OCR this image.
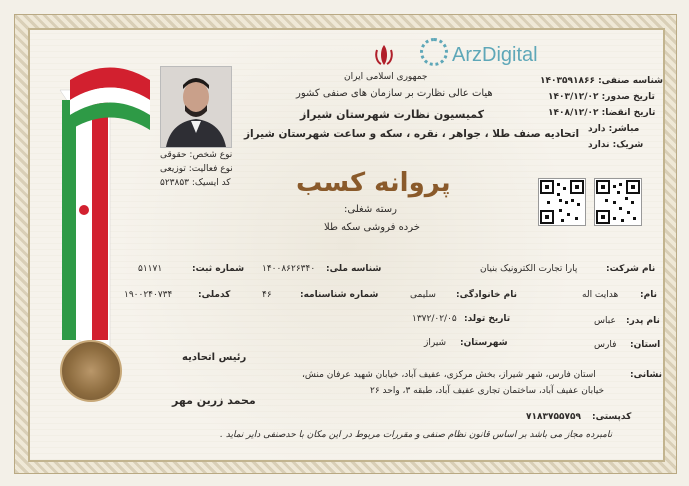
ArzDigital
جمهوری اسلامی ایران
هیات عالی نظارت بر سازمان های صنفی کشور
کمیسیون نظارت شهرستان شیراز
اتحادیه صنف طلا ، جواهر ، نقره ، سکه و ساعت شهرستان شیراز
نوع شخص: حقوقی
نوع فعالیت: توزیعی
کد ایسیک: ۵۲۳۸۵۳
شناسه صنفی: ۱۴۰۳۵۹۱۸۶۶
تاریخ صدور: ۱۴۰۳/۱۲/۰۲
تاریخ انقضا: ۱۴۰۸/۱۲/۰۲
مباشر: دارد
شریک: ندارد
پروانه کسب
رسته شغلی:
خرده فروشی سکه طلا
نام شرکت:
پارا تجارت الکترونیک بنیان
شناسه ملی:
۱۴۰۰۸۶۲۶۳۴۰
شماره ثبت:
۵۱۱۷۱
نام:
هدایت اله
نام خانوادگی:
سلیمی
شماره شناسنامه:
۴۶
کدملی:
۱۹۰۰۲۴۰۷۳۴
نام پدر:
عباس
تاریخ تولد:
۱۳۷۲/۰۲/۰۵
استان:
فارس
شهرستان:
شیراز
نشانی:
استان فارس، شهر شیراز، بخش مرکزی، عفیف آباد، خیابان شهید عرفان منش،
خیابان عفیف آباد، ساختمان تجاری عفیف آباد، طبقه ۳، واحد ۲۶
کدپستی:
۷۱۸۳۷۵۵۷۵۹
رئیس اتحادیه
محمد زرین مهر
نامبرده مجاز می باشد بر اساس قانون نظام صنفی و مقررات مربوط در این مکان با حدصنفی دایر نماید .
